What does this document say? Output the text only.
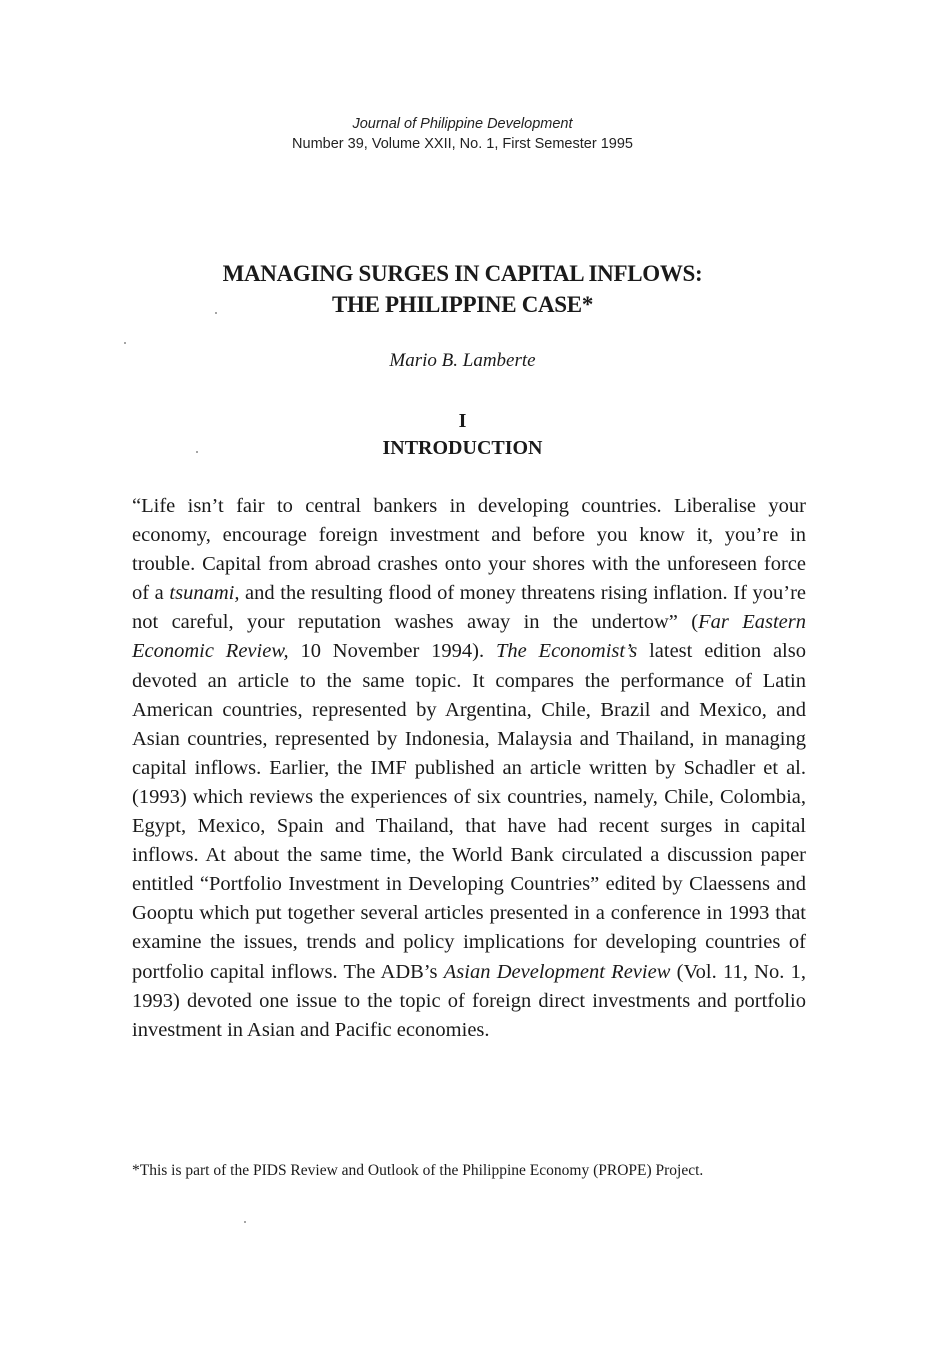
Journal of Philippine Development
Number 39, Volume XXII, No. 1, First Semester 1995
MANAGING SURGES IN CAPITAL INFLOWS:
THE PHILIPPINE CASE*
Mario B. Lamberte
I
INTRODUCTION

“Life isn’t fair to central bankers in developing countries. Liberalise your economy, encourage foreign investment and before you know it, you’re in trouble. Capital from abroad crashes onto your shores with the unforeseen force of a tsunami, and the resulting flood of money threatens rising inflation. If you’re not careful, your reputation washes away in the undertow” (Far Eastern Economic Review, 10 November 1994). The Economist’s latest edition also devoted an article to the same topic. It compares the performance of Latin American countries, represented by Argentina, Chile, Brazil and Mexico, and Asian countries, represented by Indonesia, Malaysia and Thailand, in managing capital inflows. Earlier, the IMF published an article written by Schadler et al. (1993) which reviews the experiences of six countries, namely, Chile, Colombia, Egypt, Mexico, Spain and Thailand, that have had recent surges in capital inflows. At about the same time, the World Bank circulated a discussion paper entitled “Portfolio Investment in Developing Countries” edited by Claessens and Gooptu which put together several articles presented in a conference in 1993 that examine the issues, trends and policy implications for developing countries of portfolio capital inflows. The ADB’s Asian Development Review (Vol. 11, No. 1, 1993) devoted one issue to the topic of foreign direct investments and portfolio investment in Asian and Pacific economies.

*This is part of the PIDS Review and Outlook of the Philippine Economy (PROPE) Project.
